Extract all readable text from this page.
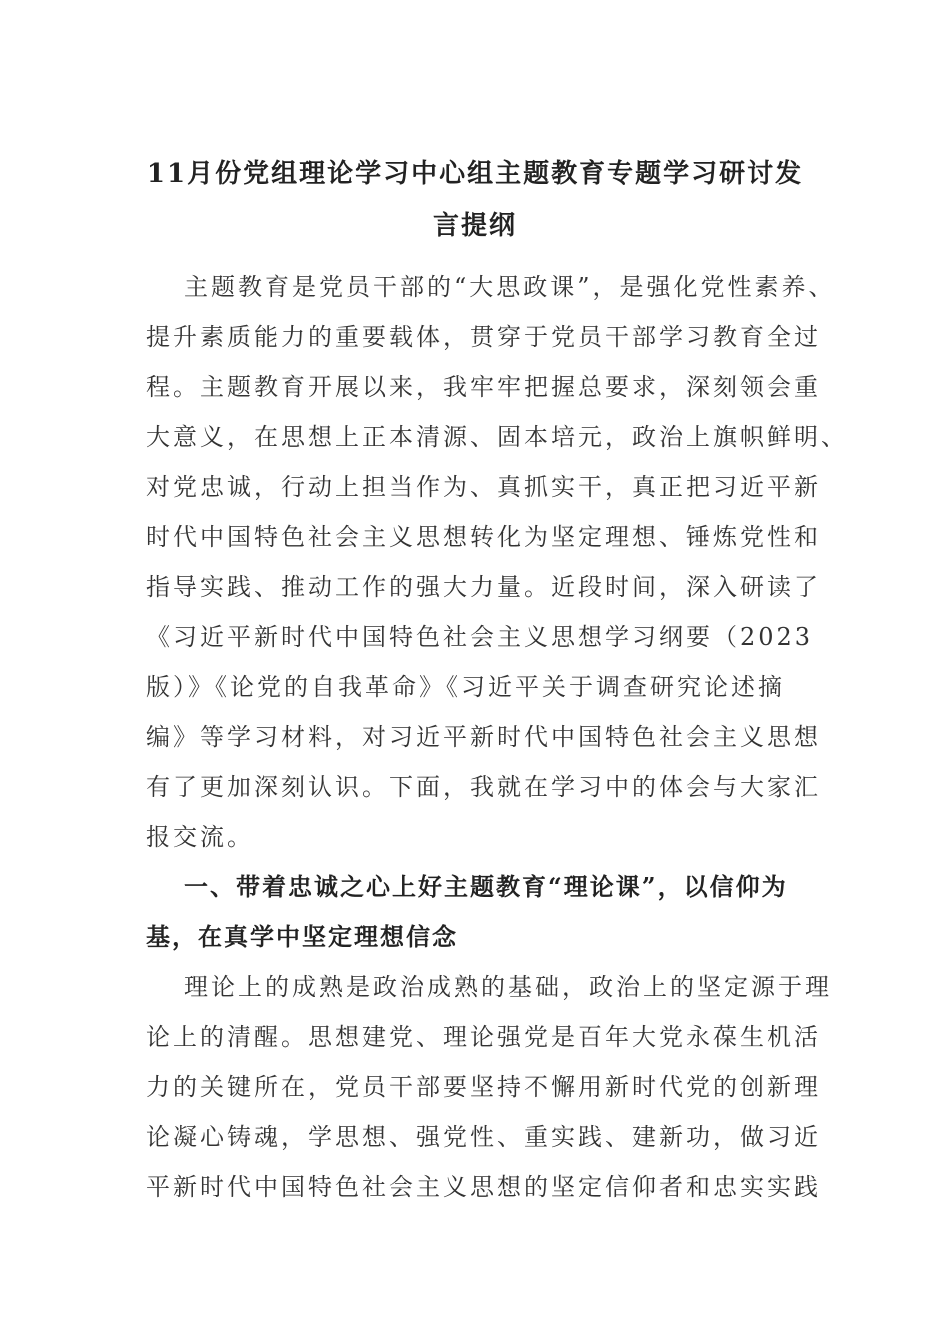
11月份党组理论学习中心组主题教育专题学习研讨发言提纲
主题教育是党员干部的“大思政课”，是强化党性素养、
提升素质能力的重要载体，贯穿于党员干部学习教育全过
程。主题教育开展以来，我牢牢把握总要求，深刻领会重
大意义，在思想上正本清源、固本培元，政治上旗帜鲜明、
对党忠诚，行动上担当作为、真抓实干，真正把习近平新
时代中国特色社会主义思想转化为坚定理想、锤炼党性和
指导实践、推动工作的强大力量。近段时间，深入研读了
《习近平新时代中国特色社会主义思想学习纲要（2023
版）》《论党的自我革命》《习近平关于调查研究论述摘
编》等学习材料，对习近平新时代中国特色社会主义思想
有了更加深刻认识。下面，我就在学习中的体会与大家汇
报交流。
一、带着忠诚之心上好主题教育“理论课”，以信仰为
基，在真学中坚定理想信念
理论上的成熟是政治成熟的基础，政治上的坚定源于理
论上的清醒。思想建党、理论强党是百年大党永葆生机活
力的关键所在，党员干部要坚持不懈用新时代党的创新理
论凝心铸魂，学思想、强党性、重实践、建新功，做习近
平新时代中国特色社会主义思想的坚定信仰者和忠实实践
